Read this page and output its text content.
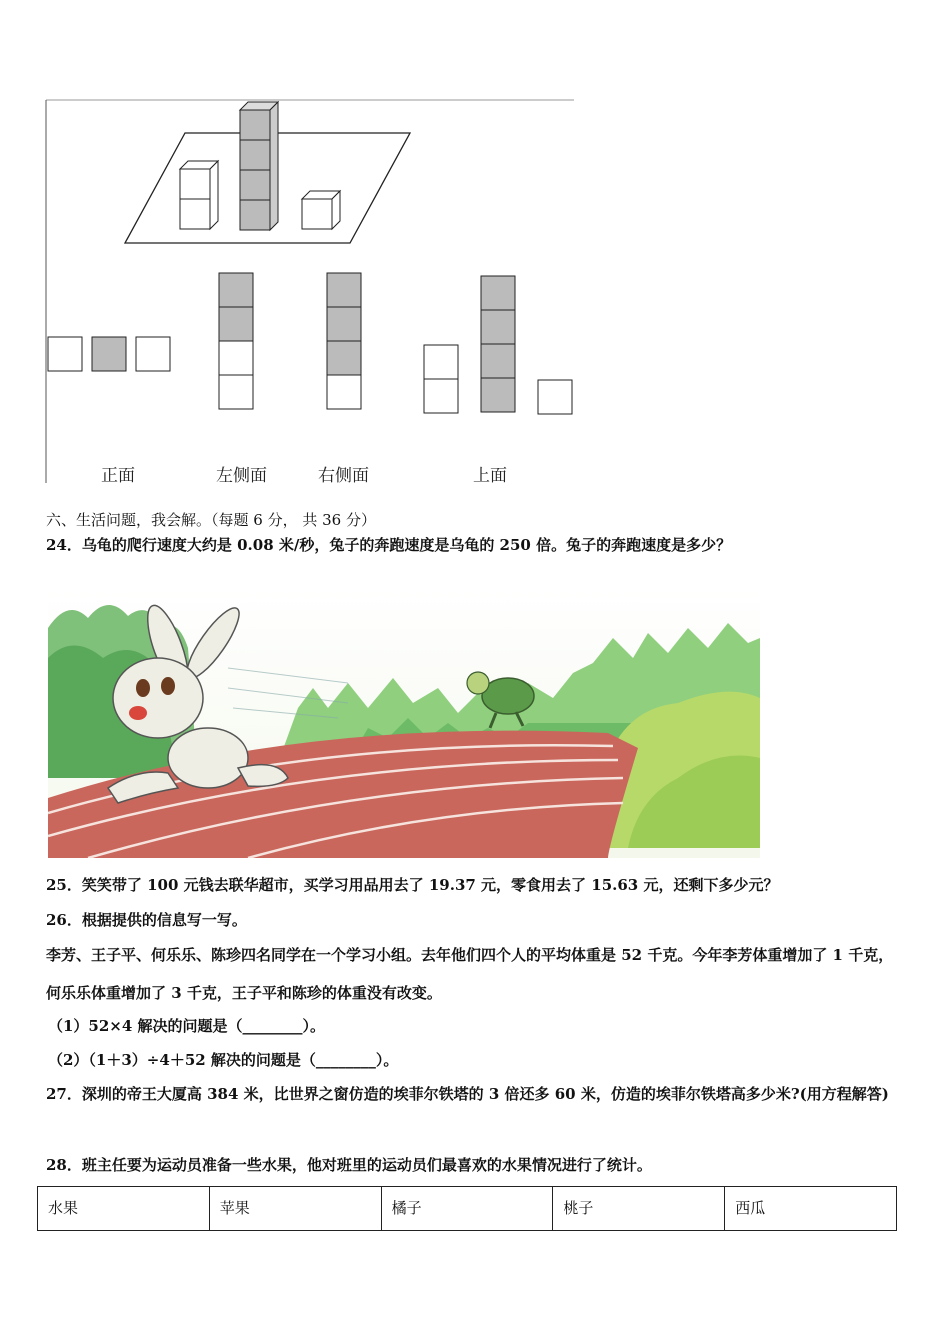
正面	左侧面	右侧面	上面
六、生活问题，我会解。（每题 6 分， 共 36 分）
24．乌龟的爬行速度大约是 0.08 米/秒，兔子的奔跑速度是乌龟的 250 倍。兔子的奔跑速度是多少？
25．笑笑带了 100 元钱去联华超市，买学习用品用去了 19.37 元，零食用去了 15.63 元，还剩下多少元？
26．根据提供的信息写一写。
李芳、王子平、何乐乐、陈珍四名同学在一个学习小组。去年他们四个人的平均体重是 52 千克。今年李芳体重增加了 1 千克，何乐乐体重增加了 3 千克，王子平和陈珍的体重没有改变。
（1）52×4 解决的问题是（________）。
（2）（1＋3）÷4＋52 解决的问题是（________）。
27．深圳的帝王大厦高 384 米，比世界之窗仿造的埃菲尔铁塔的 3 倍还多 60 米，仿造的埃菲尔铁塔高多少米?(用方程解答)
28．班主任要为运动员准备一些水果，他对班里的运动员们最喜欢的水果情况进行了统计。
水果	苹果	橘子	桃子	西瓜
